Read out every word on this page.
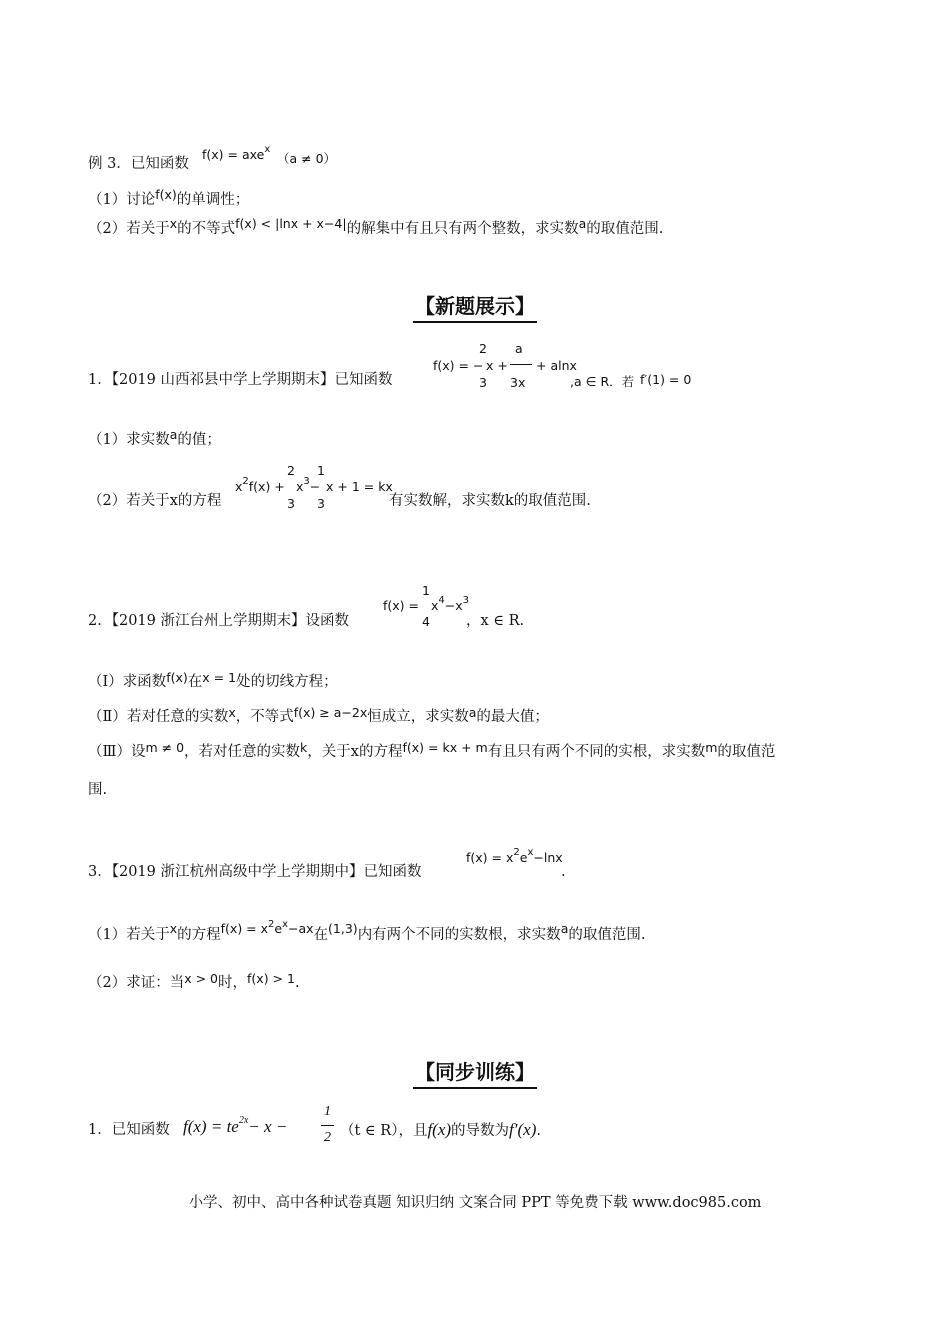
例 3．已知函数
f(x) = axe$^x$
（a ≠ 0）
（1）讨论f(x)的单调性；
（2）若关于x的不等式f(x) < |lnx + x−4|的解集中有且只有两个整数，求实数a的取值范围.
【新题展示】
1．【2019 山西祁县中学上学期期末】已知函数
f(x) = −
2
3
x +
a
3x
+ alnx
,a ∈ R．若 f′(1) = 0
（1）求实数a的值；
（2）若关于x的方程
$x^2f(x)$ +
2
3
$x^3-$
1
3
x + 1 = kx
有实数解，求实数k的取值范围.
2．【2019 浙江台州上学期期末】设函数
f(x) =
1
4
$x^4-x^3$
，x ∈ R.
（Ⅰ）求函数f(x)在x = 1处的切线方程；
（Ⅱ）若对任意的实数x，不等式f(x) ≥ a−2x恒成立，求实数a的最大值；
（Ⅲ）设m ≠ 0，若对任意的实数k，关于x的方程f(x) = kx + m有且只有两个不同的实根，求实数m的取值范
围.
3．【2019 浙江杭州高级中学上学期期中】已知函数
$f(x) = x^2e^x-\ln x$
.
（1）若关于x的方程$f(x) = x^2e^x-ax$在(1,3)内有两个不同的实数根，求实数a的取值范围.
（2）求证：当x > 0时，f(x) > 1.
【同步训练】
1．已知函数 $f(x) = te^{2x}- x$ −
1
2 （t ∈ R），且f(x)的导数为f′(x).
小学、初中、高中各种试卷真题 知识归纳 文案合同 PPT 等免费下载 www.doc985.com
